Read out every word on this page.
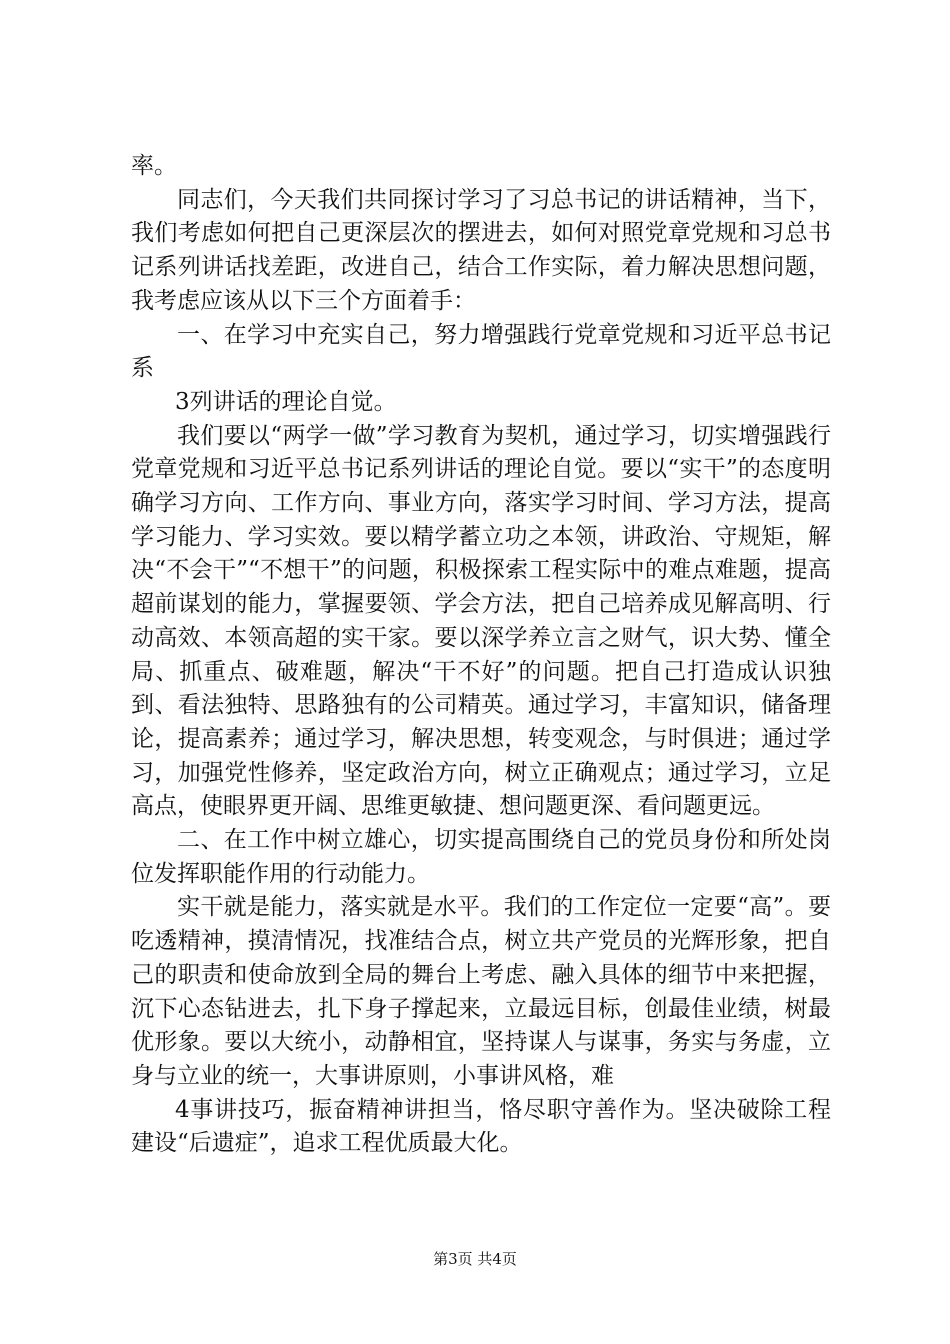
率。

同志们，今天我们共同探讨学习了习总书记的讲话精神，当下，我们考虑如何把自己更深层次的摆进去，如何对照党章党规和习总书记系列讲话找差距，改进自己，结合工作实际，着力解决思想问题，我考虑应该从以下三个方面着手：

一、在学习中充实自己，努力增强践行党章党规和习近平总书记系

3列讲话的理论自觉。

我们要以“两学一做”学习教育为契机，通过学习，切实增强践行党章党规和习近平总书记系列讲话的理论自觉。要以“实干”的态度明确学习方向、工作方向、事业方向，落实学习时间、学习方法，提高学习能力、学习实效。要以精学蓄立功之本领，讲政治、守规矩，解决“不会干”“不想干”的问题，积极探索工程实际中的难点难题，提高超前谋划的能力，掌握要领、学会方法，把自己培养成见解高明、行动高效、本领高超的实干家。要以深学养立言之财气，识大势、懂全局、抓重点、破难题，解决“干不好”的问题。把自己打造成认识独到、看法独特、思路独有的公司精英。通过学习，丰富知识，储备理论，提高素养；通过学习，解决思想，转变观念，与时俱进；通过学习，加强党性修养，坚定政治方向，树立正确观点；通过学习，立足高点，使眼界更开阔、思维更敏捷、想问题更深、看问题更远。

二、在工作中树立雄心，切实提高围绕自己的党员身份和所处岗位发挥职能作用的行动能力。

实干就是能力，落实就是水平。我们的工作定位一定要“高”。要吃透精神，摸清情况，找准结合点，树立共产党员的光辉形象，把自己的职责和使命放到全局的舞台上考虑、融入具体的细节中来把握，沉下心态钻进去，扎下身子撑起来，立最远目标，创最佳业绩，树最优形象。要以大统小，动静相宜，坚持谋人与谋事，务实与务虚，立身与立业的统一，大事讲原则，小事讲风格，难

4事讲技巧，振奋精神讲担当，恪尽职守善作为。坚决破除工程建设“后遗症”，追求工程优质最大化。

第3页 共4页
